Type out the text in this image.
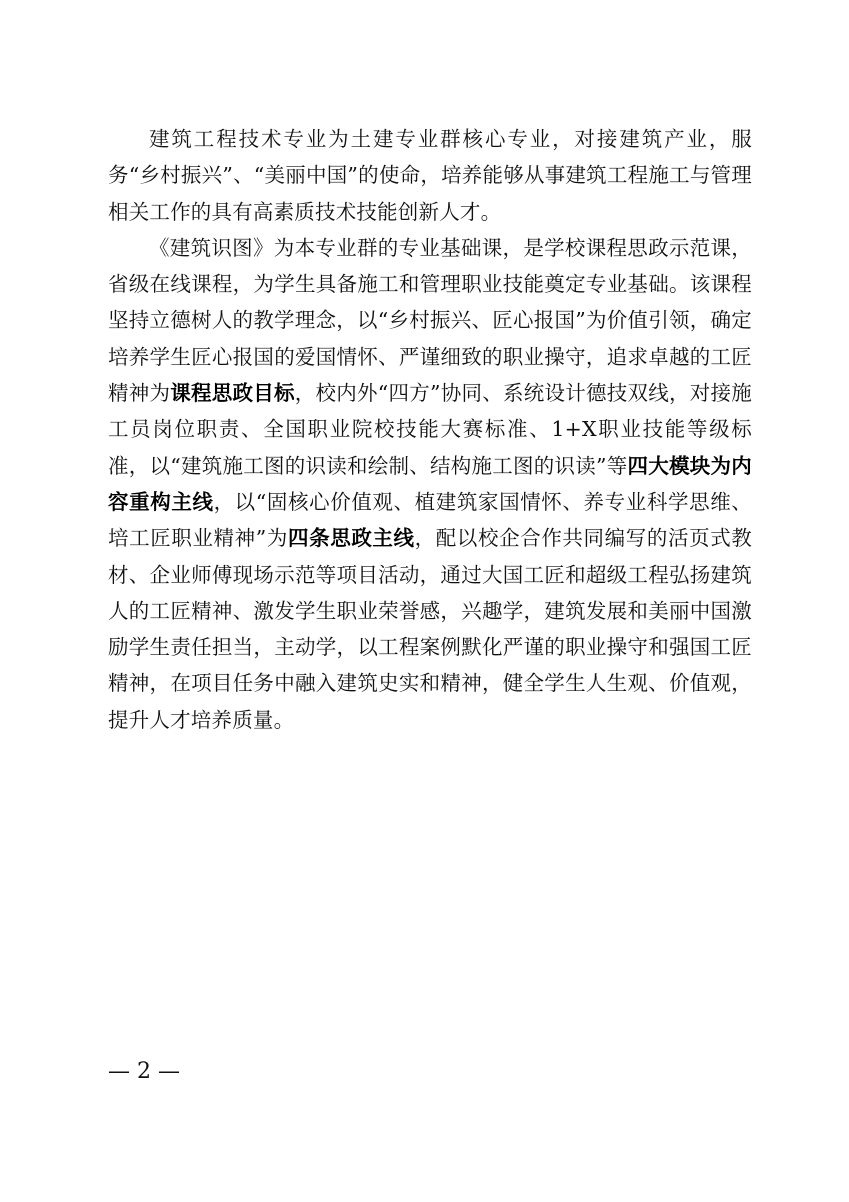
建筑工程技术专业为土建专业群核心专业，对接建筑产业，服务“乡村振兴”、“美丽中国”的使命，培养能够从事建筑工程施工与管理相关工作的具有高素质技术技能创新人才。

《建筑识图》为本专业群的专业基础课，是学校课程思政示范课，省级在线课程，为学生具备施工和管理职业技能奠定专业基础。该课程坚持立德树人的教学理念，以“乡村振兴、匠心报国”为价值引领，确定培养学生匠心报国的爱国情怀、严谨细致的职业操守，追求卓越的工匠精神为课程思政目标，校内外“四方”协同、系统设计德技双线，对接施工员岗位职责、全国职业院校技能大赛标准、1+X职业技能等级标准，以“建筑施工图的识读和绘制、结构施工图的识读”等四大模块为内容重构主线，以“固核心价值观、植建筑家国情怀、养专业科学思维、培工匠职业精神”为四条思政主线，配以校企合作共同编写的活页式教材、企业师傅现场示范等项目活动，通过大国工匠和超级工程弘扬建筑人的工匠精神、激发学生职业荣誉感，兴趣学，建筑发展和美丽中国激励学生责任担当，主动学，以工程案例默化严谨的职业操守和强国工匠精神，在项目任务中融入建筑史实和精神，健全学生人生观、价值观，提升人才培养质量。

— 2 —
